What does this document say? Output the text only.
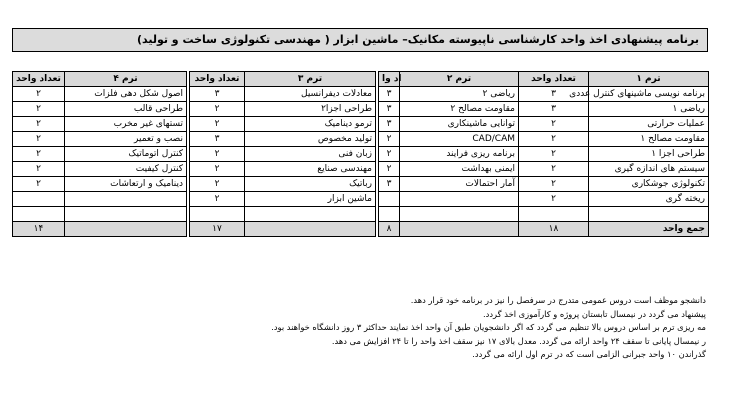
برنامه پیشنهادی اخذ واحد کارشناسی ناپیوسته مکانیک– ماشین ابزار ( مهندسی تکنولوژی ساخت و تولید)
تعداد واحد	ترم ۴		تعداد واحد	ترم ۳		اد وا	ترم ۲	تعداد واحد	ترم ۱
۲	اصول شکل دهی فلزات		۳	معادلات دیفرانسیل		۳	ریاضی ۲	۳	برنامه نویسی ماشینهای کنترل عددی
۲	طراحی قالب		۲	طراحی اجزا۲		۳	مقاومت مصالح ۲	۳	ریاضی ۱
۲	تستهای غیر مخرب		۲	ترمو دینامیک		۳	توانایی ماشینکاری	۲	عملیات حرارتی
۲	نصب و تعمیر		۳	تولید مخصوص		۲	CAD/CAM	۲	مقاومت مصالح ۱
۲	کنترل اتوماتیک		۲	زبان فنی		۲	برنامه ریزی فرایند	۲	طراحی اجزا ۱
۲	کنترل کیفیت		۲	مهندسی صنایع		۲	ایمنی بهداشت	۲	سیستم های اندازه گیری
۲	دینامیک و ارتعاشات		۲	رباتیک		۳	آمار احتمالات	۲	تکنولوژی جوشکاری
			۲	ماشین ابزار				۲	ریخته گری

۱۴			۱۷			۸		۱۸	جمع واحد
دانشجو موظف است دروس عمومی متدرج در سرفصل را نیز در برنامه خود قرار دهد.
پیشنهاد می گردد در نیمسال تابستان پروژه و کارآموزی اخذ گردد.
مه ریزی ترم بر اساس دروس بالا تنظیم می گردد که اگر دانشجویان طبق آن واحد اخذ نمایند حداکثر ۳ روز دانشگاه خواهند بود.
ر نیمسال پایانی تا سقف ۲۴ واحد ارائه می گردد. معدل بالای ۱۷ نیز سقف اخذ واحد را تا ۲۴ افزایش می دهد.
گذراندن ۱۰ واحد جبرانی الزامی است که در ترم اول ارائه می گردد.
